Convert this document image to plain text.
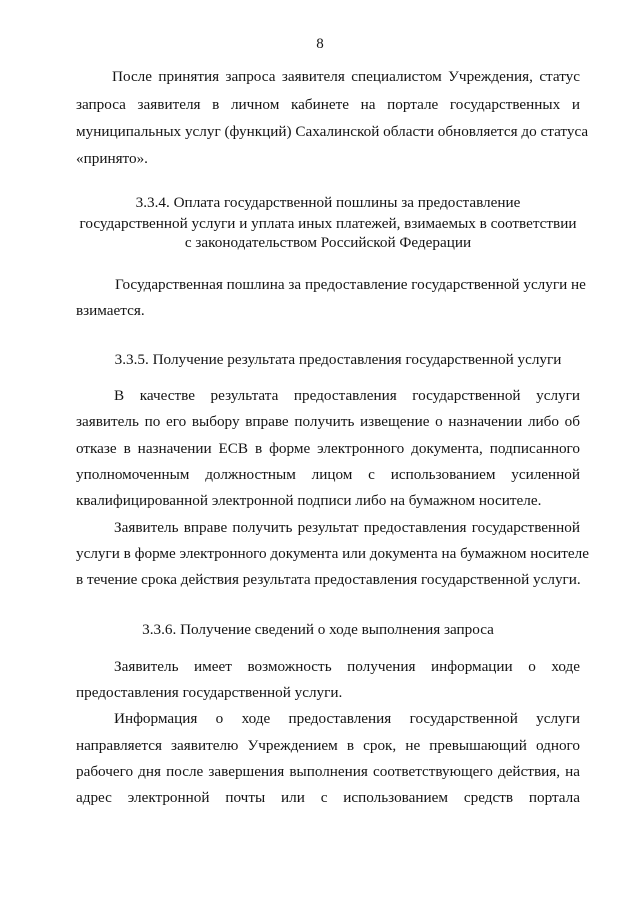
8
После принятия запроса заявителя специалистом Учреждения, статус
запроса заявителя в личном кабинете на портале государственных и
муниципальных услуг (функций) Сахалинской области обновляется до статуса
«принято».
3.3.4. Оплата государственной пошлины за предоставление
государственной услуги и уплата иных платежей, взимаемых в соответствии
с законодательством Российской Федерации
Государственная пошлина за предоставление государственной услуги не
взимается.
3.3.5. Получение результата предоставления государственной услуги
В качестве результата предоставления государственной услуги
заявитель по его выбору вправе получить извещение о назначении либо об
отказе в назначении ЕСВ в форме электронного документа, подписанного
уполномоченным должностным лицом с использованием усиленной
квалифицированной электронной подписи либо на бумажном носителе.
Заявитель вправе получить результат предоставления государственной
услуги в форме электронного документа или документа на бумажном носителе
в течение срока действия результата предоставления государственной услуги.
3.3.6. Получение сведений о ходе выполнения запроса
Заявитель имеет возможность получения информации о ходе
предоставления государственной услуги.
Информация о ходе предоставления государственной услуги
направляется заявителю Учреждением в срок, не превышающий одного
рабочего дня после завершения выполнения соответствующего действия, на
адрес электронной почты или с использованием средств портала
